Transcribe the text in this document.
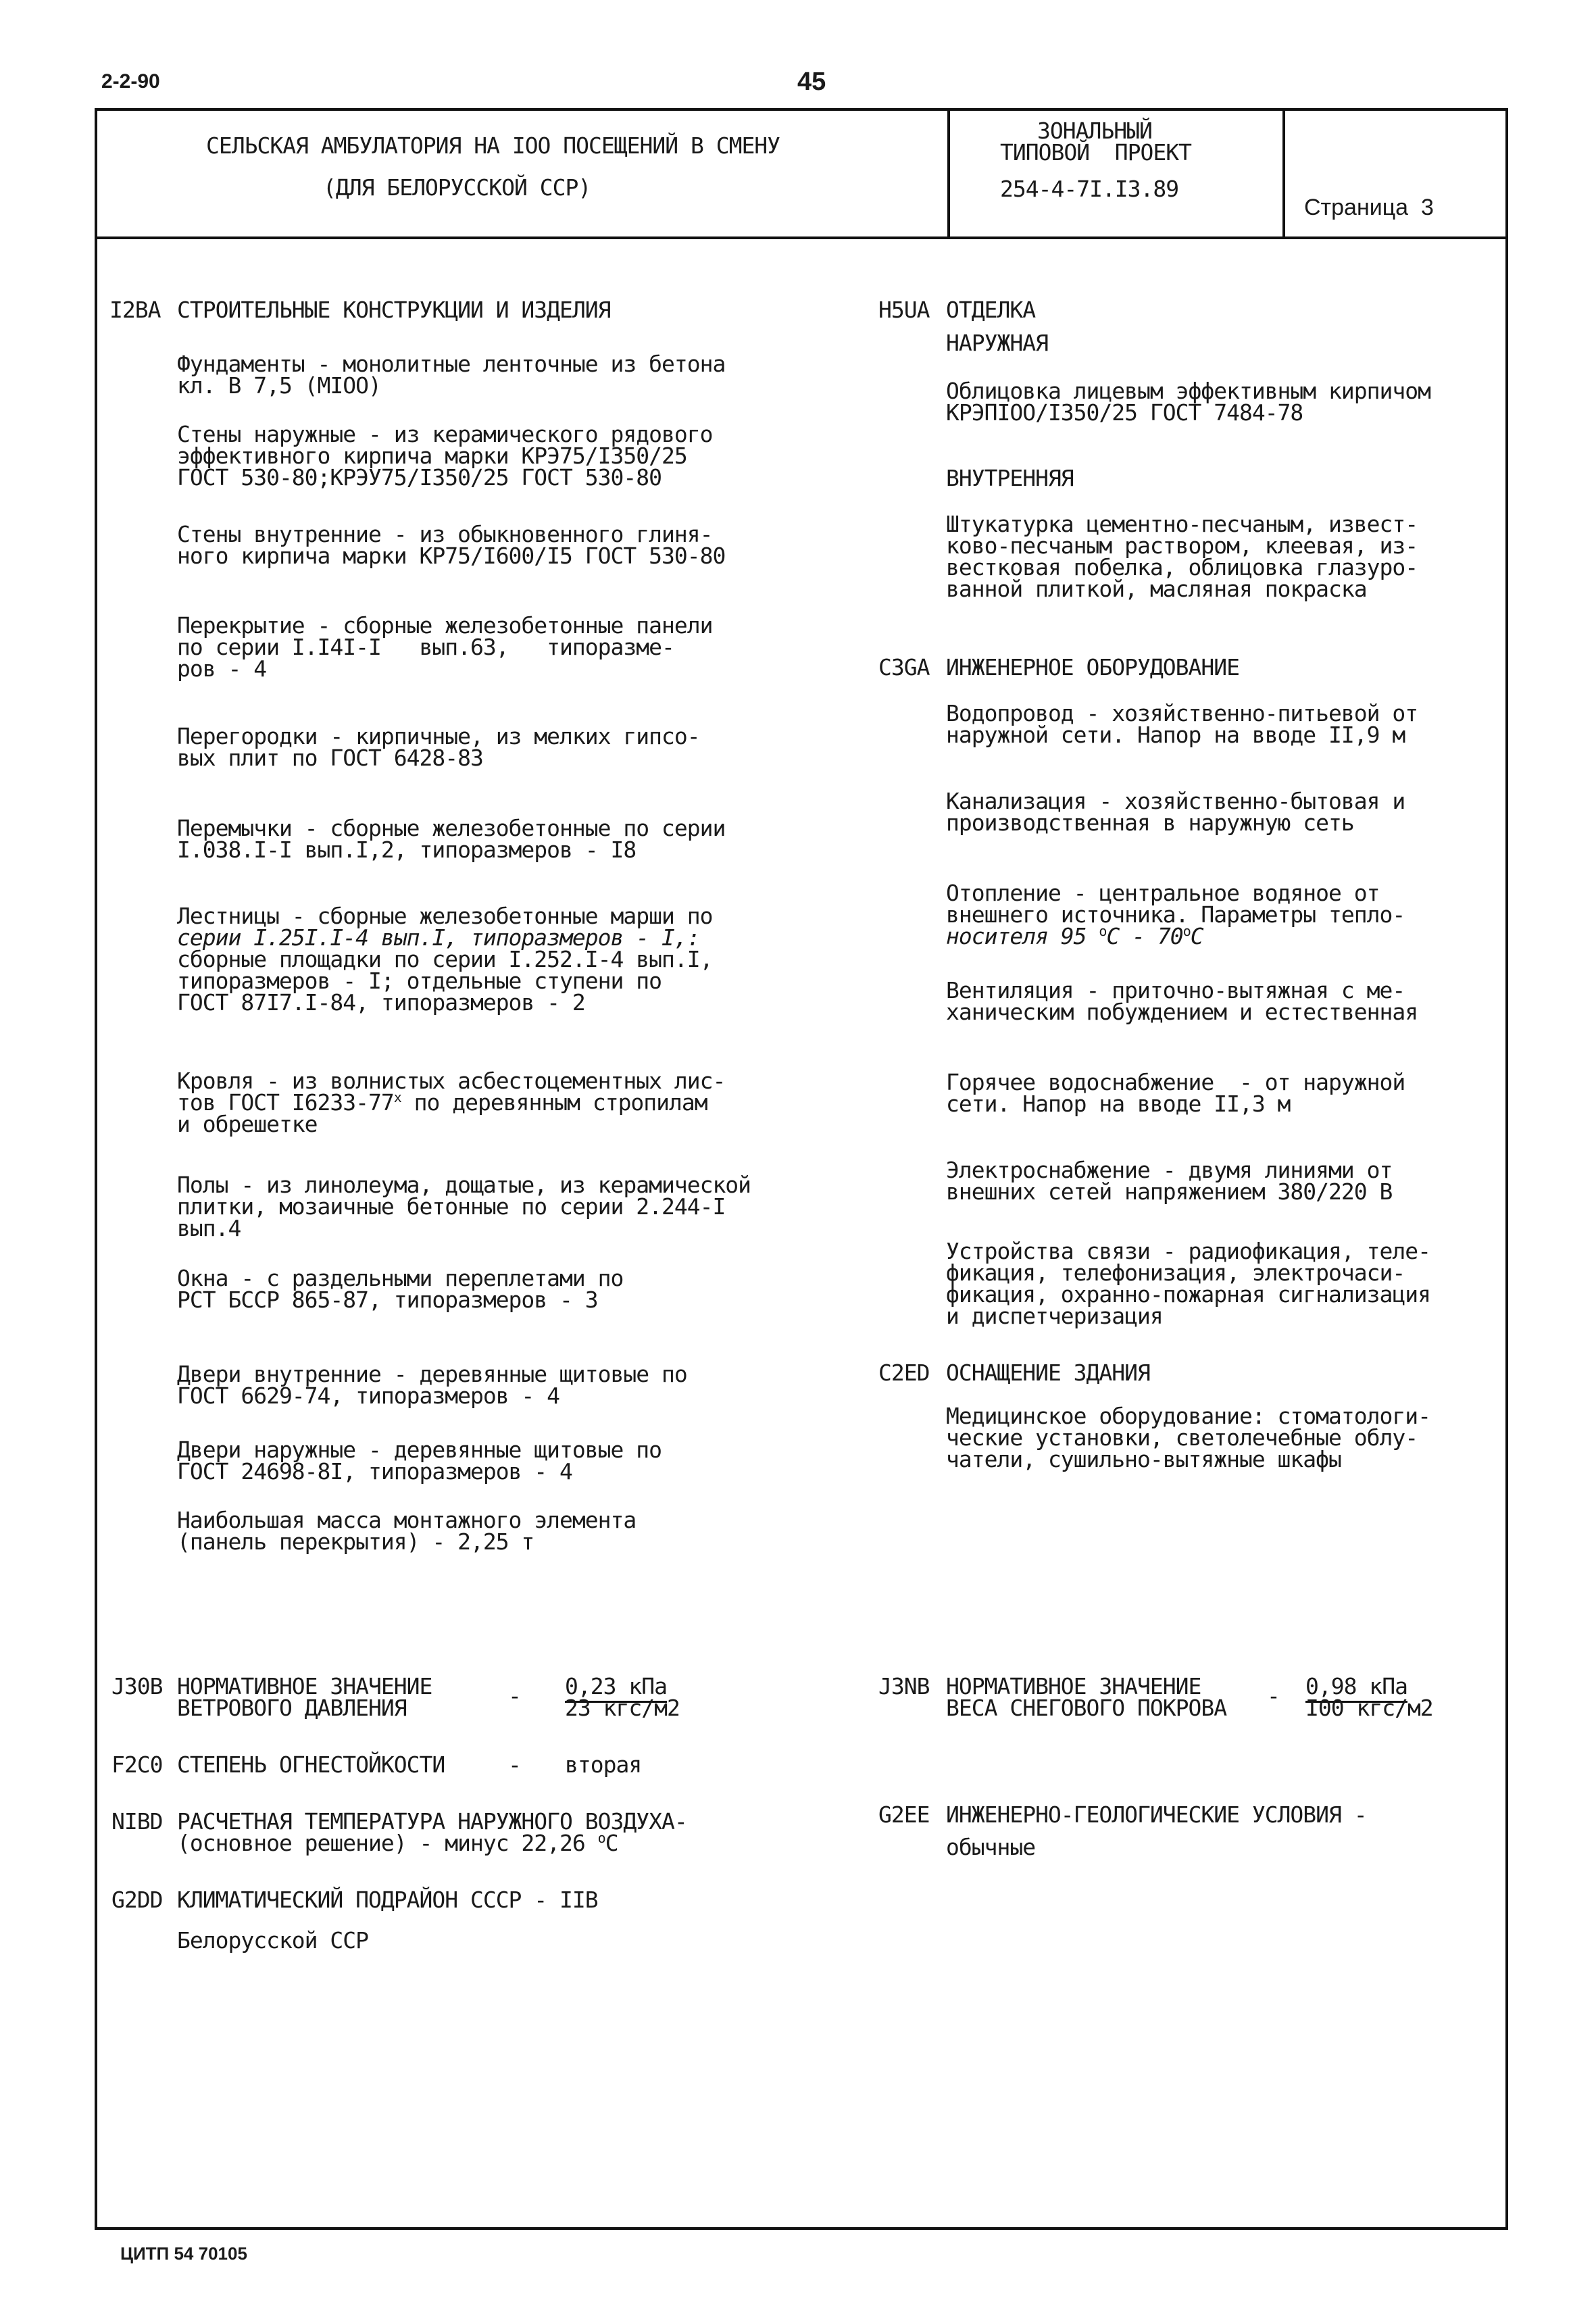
2-2-90	45
СЕЛЬСКАЯ АМБУЛАТОРИЯ НА IOO ПОСЕЩЕНИЙ В СМЕНУ
(ДЛЯ БЕЛОРУССКОЙ ССР)
ЗОНАЛЬНЫЙ
ТИПОВОЙ  ПРОЕКТ
254-4-7I.I3.89
Страница  3
I2BA СТРОИТЕЛЬНЫЕ КОНСТРУКЦИИ И ИЗДЕЛИЯ
Фундаменты - монолитные ленточные из бетона
кл. В 7,5 (MIOO)
Стены наружные - из керамического рядового
эффективного кирпича марки КРЭ75/I350/25
ГОСТ 530-80;КРЭУ75/I350/25 ГОСТ 530-80
Стены внутренние - из обыкновенного глиня-
ного кирпича марки КР75/I600/I5 ГОСТ 530-80
Перекрытие - сборные железобетонные панели
по серии I.I4I-I   вып.63,   типоразме-
ров - 4
Перегородки - кирпичные, из мелких гипсо-
вых плит по ГОСТ 6428-83
Перемычки - сборные железобетонные по серии
I.038.I-I вып.I,2, типоразмеров - I8
Лестницы - сборные железобетонные марши по
серии I.25I.I-4 вып.I, типоразмеров - I,:
сборные площадки по серии I.252.I-4 вып.I,
типоразмеров - I; отдельные ступени по
ГОСТ 87I7.I-84, типоразмеров - 2
Кровля - из волнистых асбестоцементных лис-
тов ГОСТ I6233-77$^x$ по деревянным стропилам
и обрешетке
Полы - из линолеума, дощатые, из керамической
плитки, мозаичные бетонные по серии 2.244-I
вып.4
Окна - с раздельными переплетами по
РСТ БССР 865-87, типоразмеров - 3
Двери внутренние - деревянные щитовые по
ГОСТ 6629-74, типоразмеров - 4
Двери наружные - деревянные щитовые по
ГОСТ 24698-8I, типоразмеров - 4
Наибольшая масса монтажного элемента
(панель перекрытия) - 2,25 т
H5UA ОТДЕЛКА
НАРУЖНАЯ
Облицовка лицевым эффективным кирпичом
КРЭПIOO/I350/25 ГОСТ 7484-78
ВНУТРЕННЯЯ
Штукатурка цементно-песчаным, извест-
ково-песчаным раствором, клеевая, из-
вестковая побелка, облицовка глазуро-
ванной плиткой, масляная покраска
C3GA ИНЖЕНЕРНОЕ ОБОРУДОВАНИЕ
Водопровод - хозяйственно-питьевой от
наружной сети. Напор на вводе II,9 м
Канализация - хозяйственно-бытовая и
производственная в наружную сеть
Отопление - центральное водяное от
внешнего источника. Параметры тепло-
носителя 95 $^o$С - 70$^o$С
Вентиляция - приточно-вытяжная с ме-
ханическим побуждением и естественная
Горячее водоснабжение  - от наружной
сети. Напор на вводе II,3 м
Электроснабжение - двумя линиями от
внешних сетей напряжением 380/220 В
Устройства связи - радиофикация, теле-
фикация, телефонизация, электрочаси-
фикация, охранно-пожарная сигнализация
и диспетчеризация
C2ED ОСНАЩЕНИЕ ЗДАНИЯ
Медицинское оборудование: стоматологи-
ческие установки, светолечебные облу-
чатели, сушильно-вытяжные шкафы
J30B НОРМАТИВНОЕ ЗНАЧЕНИЕ
ВЕТРОВОГО ДАВЛЕНИЯ	- 0,23 кПа
23 кгс/м2
J3NB НОРМАТИВНОЕ ЗНАЧЕНИЕ
ВЕСА СНЕГОВОГО ПОКРОВА - 0,98 кПа
I00 кгс/м2
F2C0 СТЕПЕНЬ ОГНЕСТОЙКОСТИ	- вторая
NIBD РАСЧЕТНАЯ ТЕМПЕРАТУРА НАРУЖНОГО ВОЗДУХА-
(основное решение) - минус 22,26 $^o$С
G2EE ИНЖЕНЕРНО-ГЕОЛОГИЧЕСКИЕ УСЛОВИЯ -
обычные
G2DD КЛИМАТИЧЕСКИЙ ПОДРАЙОН СССР - IIВ
Белорусской ССР
ЦИТП 54 70105
